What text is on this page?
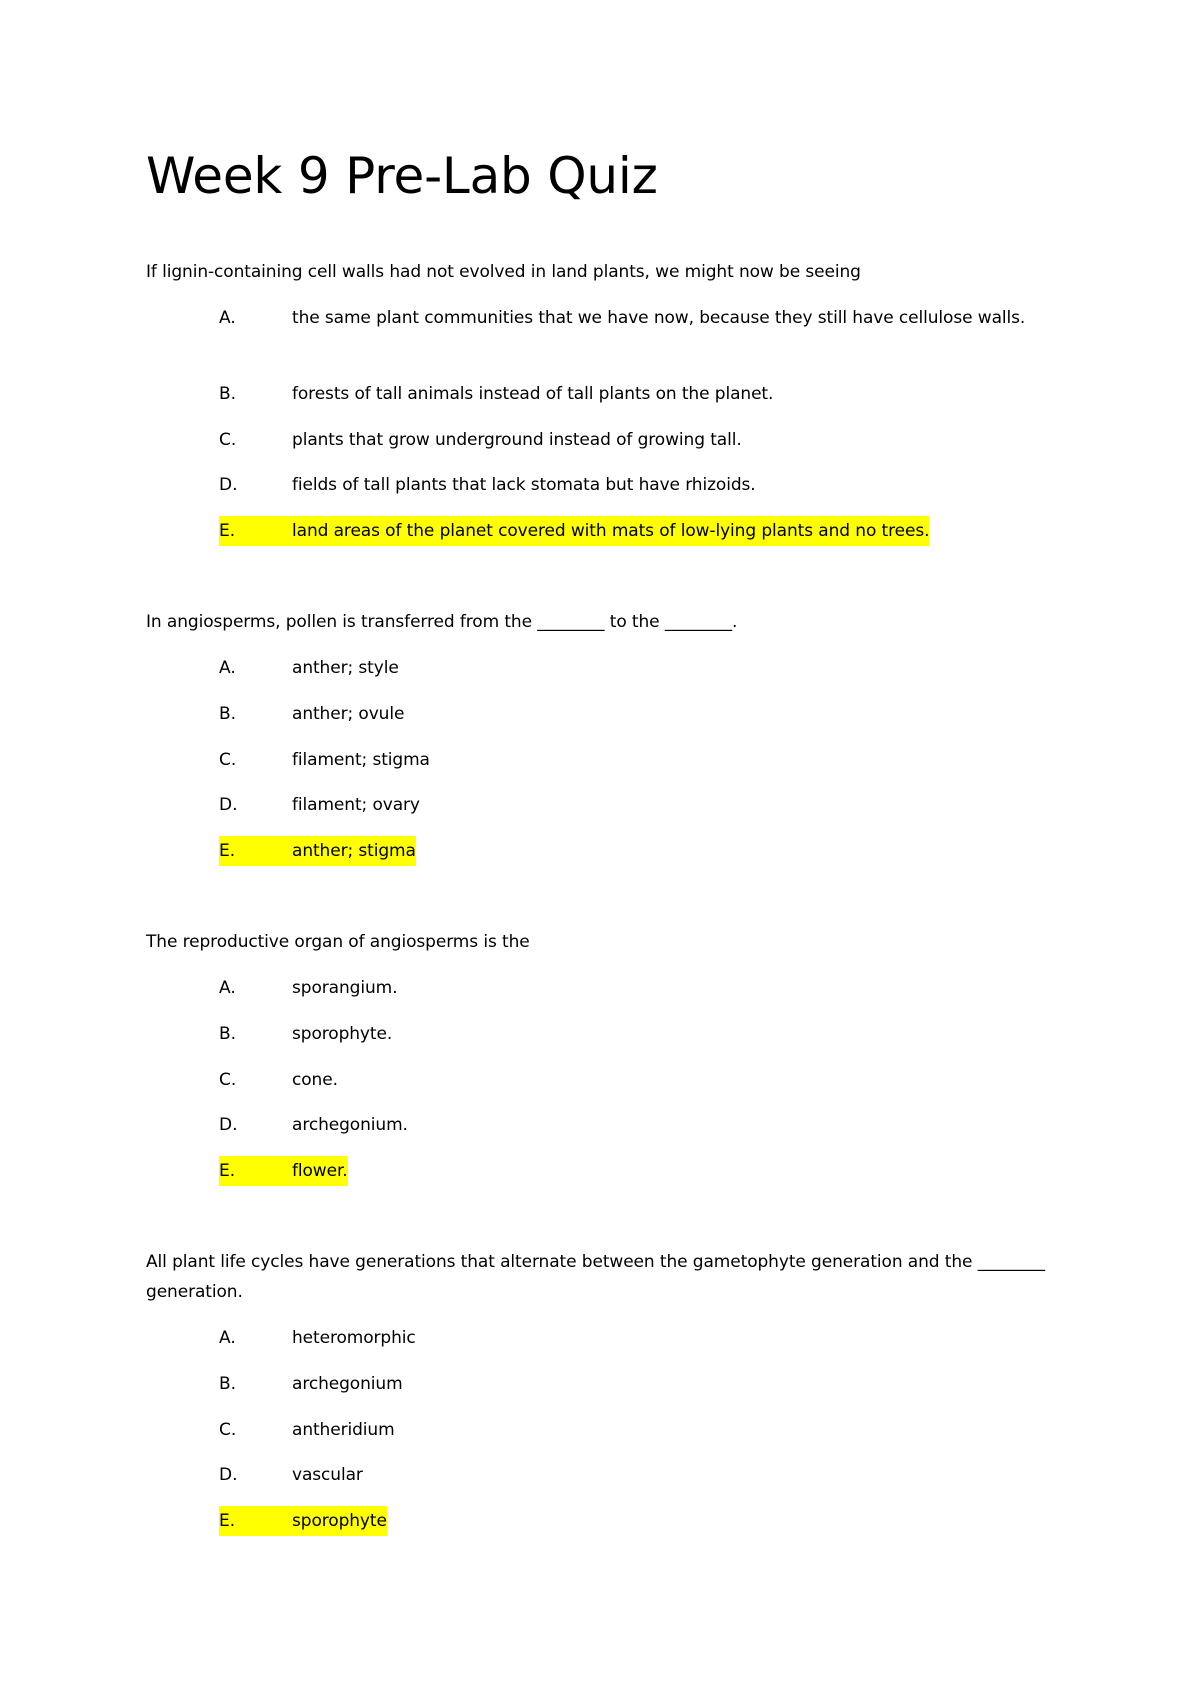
Week 9 Pre-Lab Quiz

If lignin-containing cell walls had not evolved in land plants, we might now be seeing

A.	the same plant communities that we have now, because they still have cellulose walls.
B.	forests of tall animals instead of tall plants on the planet.
C.	plants that grow underground instead of growing tall.
D.	fields of tall plants that lack stomata but have rhizoids.
E.	land areas of the planet covered with mats of low-lying plants and no trees.

In angiosperms, pollen is transferred from the ________ to the ________.

A.	anther; style
B.	anther; ovule
C.	filament; stigma
D.	filament; ovary
E.	anther; stigma

The reproductive organ of angiosperms is the

A.	sporangium.
B.	sporophyte.
C.	cone.
D.	archegonium.
E.	flower.

All plant life cycles have generations that alternate between the gametophyte generation and the ________ generation.

A.	heteromorphic
B.	archegonium
C.	antheridium
D.	vascular
E.	sporophyte
